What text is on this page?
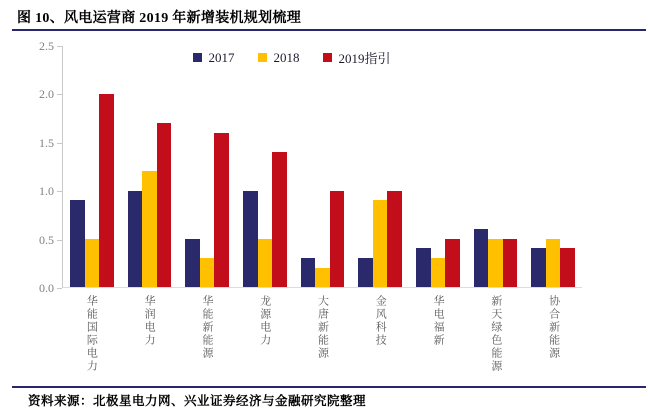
图 10、风电运营商 2019 年新增装机规划梳理
2017	2018	2019指引
0.0
0.5
1.0
1.5
2.0
2.5
华能国际电力	华润电力	华能新能源	龙源电力	大唐新能源	金风科技	华电福新	新天绿色能源	协合新能源
资料来源：北极星电力网、兴业证券经济与金融研究院整理
